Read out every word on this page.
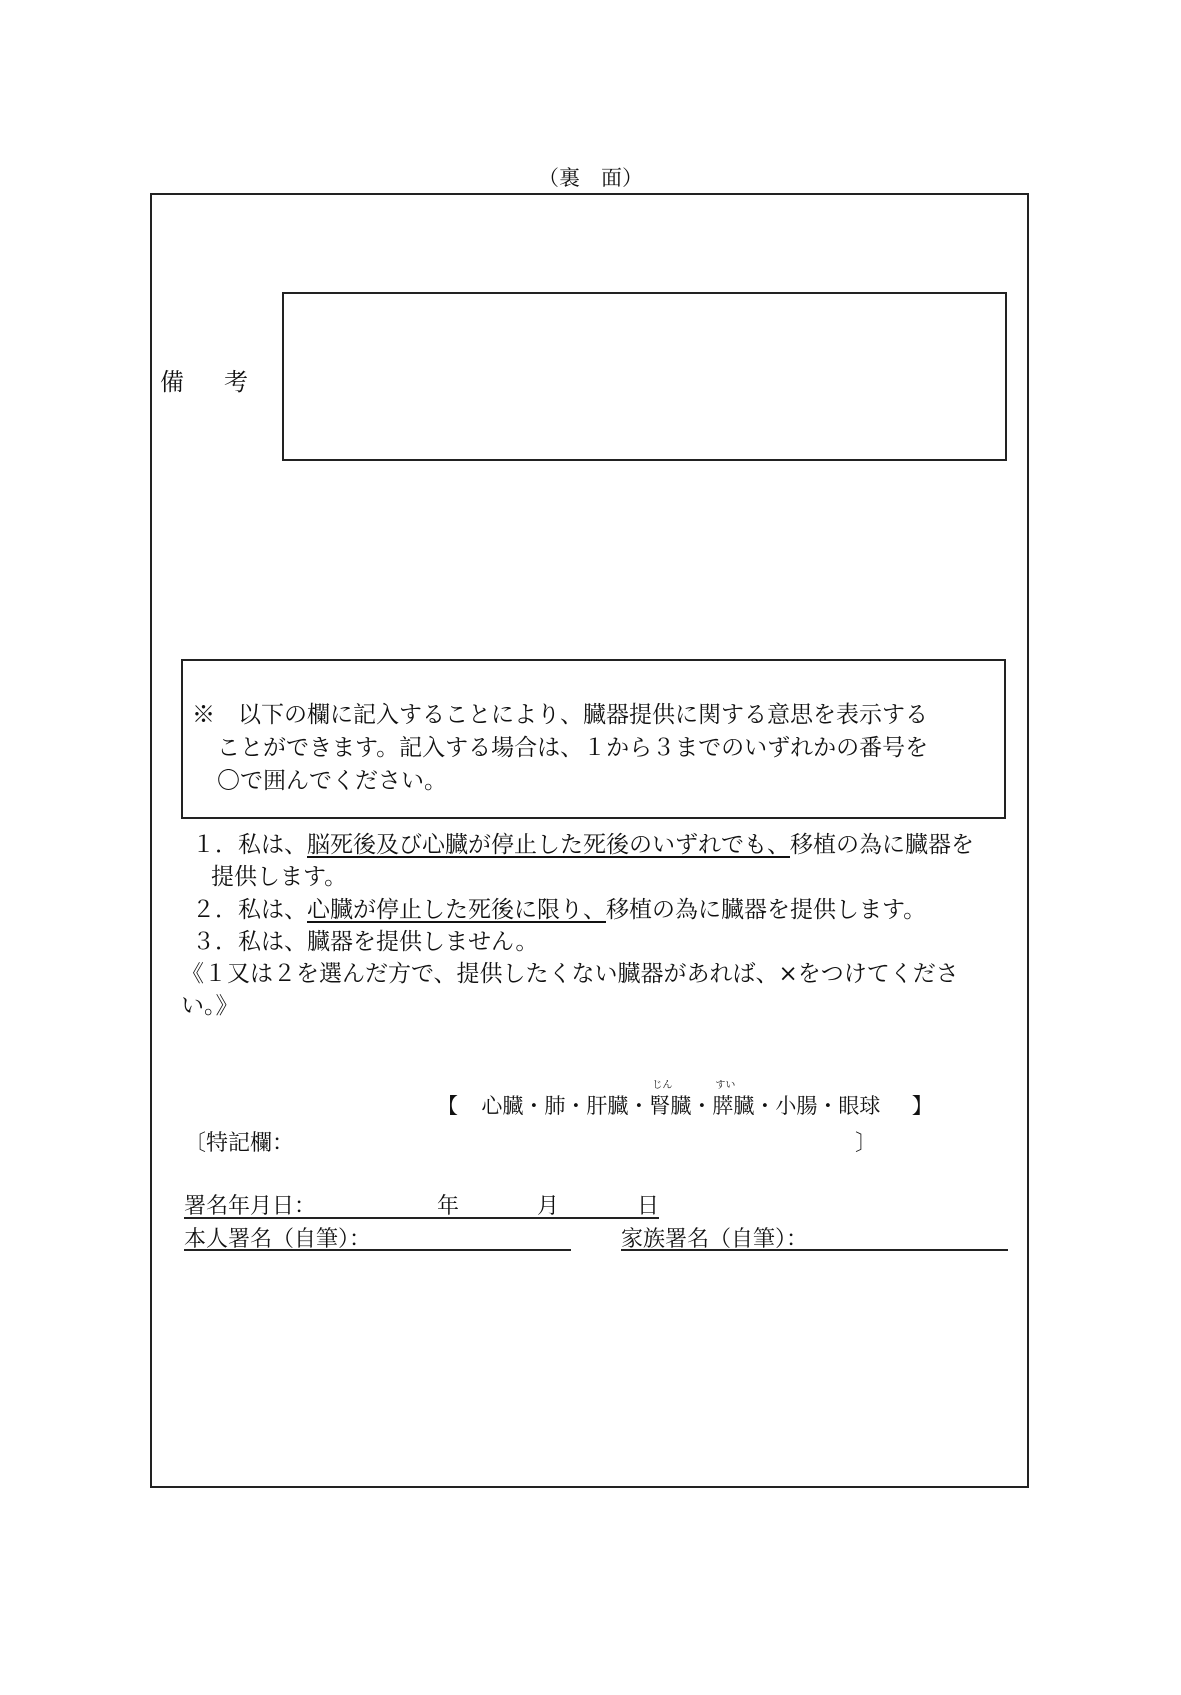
（裏　面）
備 考
※　以下の欄に記入することにより、臓器提供に関する意思を表示する
ことができます。記入する場合は、１から３までのいずれかの番号を
〇で囲んでください。
１．私は、脳死後及び心臓が停止した死後のいずれでも、移植の為に臓器を
提供します。
２．私は、心臓が停止した死後に限り、移植の為に臓器を提供します。
３．私は、臓器を提供しません。
《１又は２を選んだ方で、提供したくない臓器があれば、×をつけてくださ
い。》
【 心臓・肺・肝臓・
じん
腎臓・
すい
膵臓・小腸・眼球 】
〔特記欄：	〕
署名年月日：	年	月	日
本人署名（自筆）：	家族署名（自筆）：
